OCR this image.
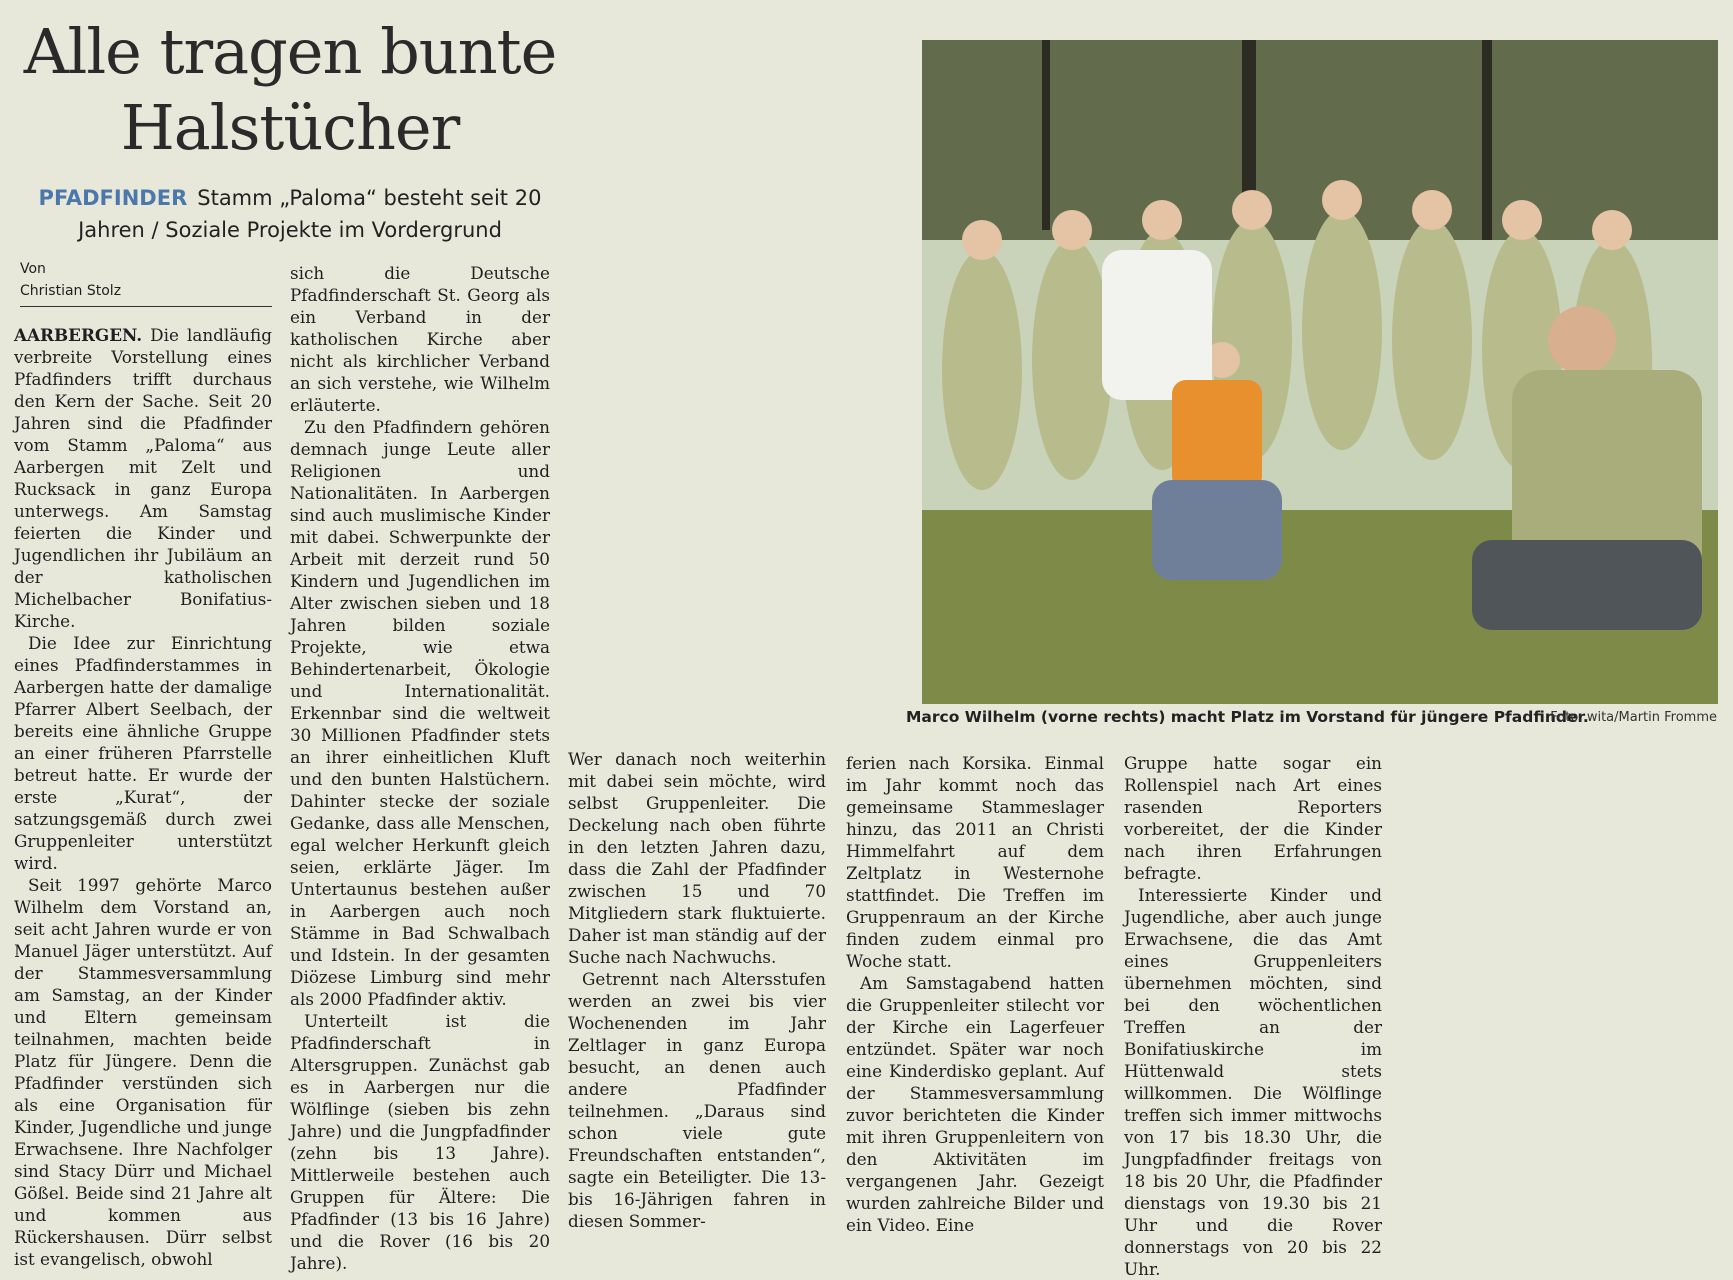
Alle tragen bunte
Halstücher
PFADFINDER Stamm „Paloma“ besteht seit 20 Jahren / Soziale Projekte im Vordergrund
Von
Christian Stolz

AARBERGEN. Die landläufig verbreite Vorstellung eines Pfadfinders trifft durchaus den Kern der Sache. Seit 20 Jahren sind die Pfadfinder vom Stamm „Paloma“ aus Aarbergen mit Zelt und Rucksack in ganz Europa unterwegs. Am Samstag feierten die Kinder und Jugendlichen ihr Jubiläum an der katholischen Michelbacher Bonifatius-Kirche.

Die Idee zur Einrichtung eines Pfadfinderstammes in Aarbergen hatte der damalige Pfarrer Albert Seelbach, der bereits eine ähnliche Gruppe an einer früheren Pfarrstelle betreut hatte. Er wurde der erste „Kurat“, der satzungsgemäß durch zwei Gruppenleiter unterstützt wird.

Seit 1997 gehörte Marco Wilhelm dem Vorstand an, seit acht Jahren wurde er von Manuel Jäger unterstützt. Auf der Stammesversammlung am Samstag, an der Kinder und Eltern gemeinsam teilnahmen, machten beide Platz für Jüngere. Denn die Pfadfinder verstünden sich als eine Organisation für Kinder, Jugendliche und junge Erwachsene. Ihre Nachfolger sind Stacy Dürr und Michael Gößel. Beide sind 21 Jahre alt und kommen aus Rückershausen. Dürr selbst ist evangelisch, obwohl

sich die Deutsche Pfadfinderschaft St. Georg als ein Verband in der katholischen Kirche aber nicht als kirchlicher Verband an sich verstehe, wie Wilhelm erläuterte.

Zu den Pfadfindern gehören demnach junge Leute aller Religionen und Nationalitäten. In Aarbergen sind auch muslimische Kinder mit dabei. Schwerpunkte der Arbeit mit derzeit rund 50 Kindern und Jugendlichen im Alter zwischen sieben und 18 Jahren bilden soziale Projekte, wie etwa Behindertenarbeit, Ökologie und Internationalität. Erkennbar sind die weltweit 30 Millionen Pfadfinder stets an ihrer einheitlichen Kluft und den bunten Halstüchern. Dahinter stecke der soziale Gedanke, dass alle Menschen, egal welcher Herkunft gleich seien, erklärte Jäger. Im Untertaunus bestehen außer in Aarbergen auch noch Stämme in Bad Schwalbach und Idstein. In der gesamten Diözese Limburg sind mehr als 2000 Pfadfinder aktiv.

Unterteilt ist die Pfadfinderschaft in Altersgruppen. Zunächst gab es in Aarbergen nur die Wölflinge (sieben bis zehn Jahre) und die Jungpfadfinder (zehn bis 13 Jahre). Mittlerweile bestehen auch Gruppen für Ältere: Die Pfadfinder (13 bis 16 Jahre) und die Rover (16 bis 20 Jahre).

Wer danach noch weiterhin mit dabei sein möchte, wird selbst Gruppenleiter. Die Deckelung nach oben führte in den letzten Jahren dazu, dass die Zahl der Pfadfinder zwischen 15 und 70 Mitgliedern stark fluktuierte. Daher ist man ständig auf der Suche nach Nachwuchs.

Getrennt nach Altersstufen werden an zwei bis vier Wochenenden im Jahr Zeltlager in ganz Europa besucht, an denen auch andere Pfadfinder teilnehmen. „Daraus sind schon viele gute Freundschaften entstanden“, sagte ein Beteiligter. Die 13- bis 16-Jährigen fahren in diesen Sommer-

ferien nach Korsika. Einmal im Jahr kommt noch das gemeinsame Stammeslager hinzu, das 2011 an Christi Himmelfahrt auf dem Zeltplatz in Westernohe stattfindet. Die Treffen im Gruppenraum an der Kirche finden zudem einmal pro Woche statt.

Am Samstagabend hatten die Gruppenleiter stilecht vor der Kirche ein Lagerfeuer entzündet. Später war noch eine Kinderdisko geplant. Auf der Stammesversammlung zuvor berichteten die Kinder mit ihren Gruppenleitern von den Aktivitäten im vergangenen Jahr. Gezeigt wurden zahlreiche Bilder und ein Video. Eine

Gruppe hatte sogar ein Rollenspiel nach Art eines rasenden Reporters vorbereitet, der die Kinder nach ihren Erfahrungen befragte.

Interessierte Kinder und Jugendliche, aber auch junge Erwachsene, die das Amt eines Gruppenleiters übernehmen möchten, sind bei den wöchentlichen Treffen an der Bonifatiuskirche im Hüttenwald stets willkommen. Die Wölflinge treffen sich immer mittwochs von 17 bis 18.30 Uhr, die Jungpfadfinder freitags von 18 bis 20 Uhr, die Pfadfinder dienstags von 19.30 bis 21 Uhr und die Rover donnerstags von 20 bis 22 Uhr.

Marco Wilhelm (vorne rechts) macht Platz im Vorstand für jüngere Pfadfinder.
Foto: wita/Martin Fromme
